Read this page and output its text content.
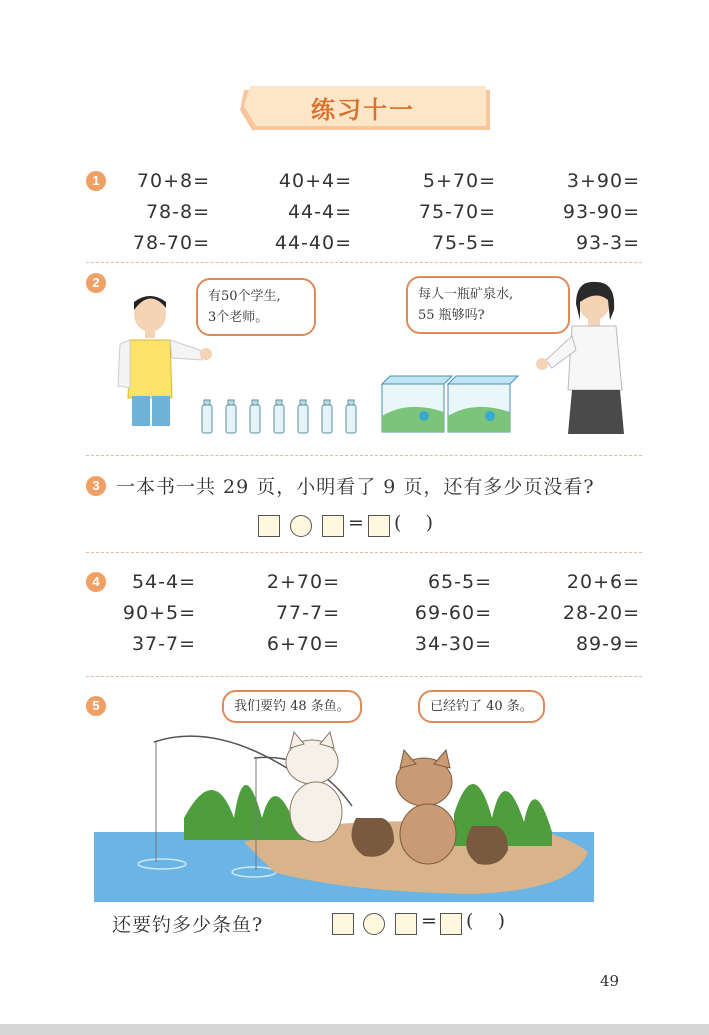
练习十一
1	70+8=	40+4=	5+70=	3+90=
78-8=	44-4=	75-70=	93-90=
78-70=	44-40=	75-5=	93-3=
2
有50个学生,
3个老师。
每人一瓶矿泉水,
55 瓶够吗?
3 一本书一共 29 页，小明看了 9 页，还有多少页没看?
= (    )
4	54-4=	2+70=	65-5=	20+6=
90+5=	77-7=	69-60=	28-20=
37-7=	6+70=	34-30=	89-9=
5	我们要钓 48 条鱼。	已经钓了 40 条。
还要钓多少条鱼?	= (    )
49
